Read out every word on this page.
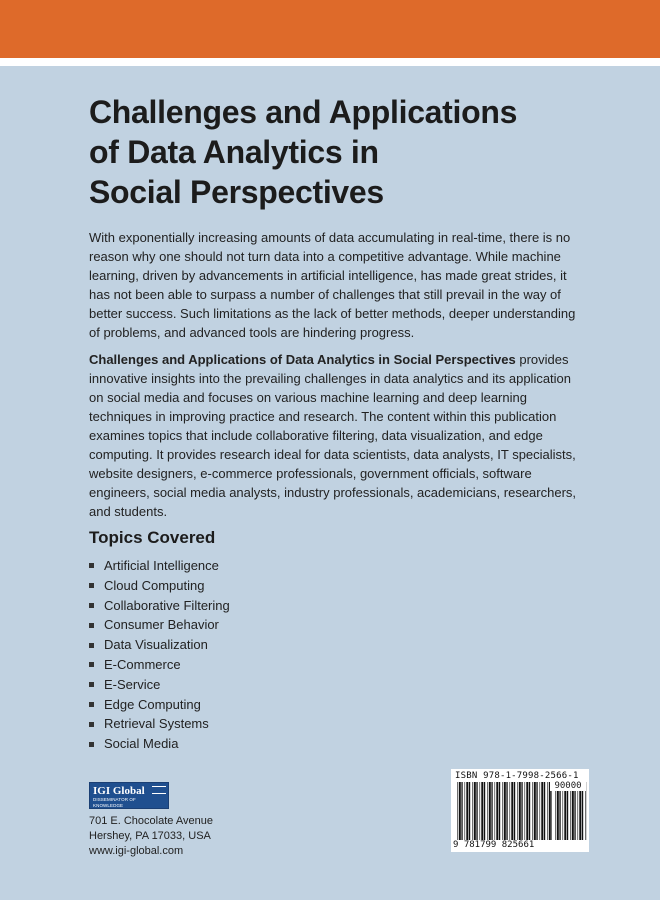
Challenges and Applications
of Data Analytics in
Social Perspectives

With exponentially increasing amounts of data accumulating in real-time, there is no reason why one should not turn data into a competitive advantage. While machine learning, driven by advancements in artificial intelligence, has made great strides, it has not been able to surpass a number of challenges that still prevail in the way of better success. Such limitations as the lack of better methods, deeper understanding of problems, and advanced tools are hindering progress.

Challenges and Applications of Data Analytics in Social Perspectives provides innovative insights into the prevailing challenges in data analytics and its application on social media and focuses on various machine learning and deep learning techniques in improving practice and research. The content within this publication examines topics that include collaborative filtering, data visualization, and edge computing. It provides research ideal for data scientists, data analysts, IT specialists, website designers, e-commerce professionals, government officials, software engineers, social media analysts, industry professionals, academicians, researchers, and students.

Topics Covered
Artificial Intelligence
Cloud Computing
Collaborative Filtering
Consumer Behavior
Data Visualization
E-Commerce
E-Service
Edge Computing
Retrieval Systems
Social Media
IGI Global
DISSEMINATOR OF KNOWLEDGE
701 E. Chocolate Avenue
Hershey, PA 17033, USA
www.igi-global.com
ISBN 978-1-7998-2566-1
90000
9 781799 825661
